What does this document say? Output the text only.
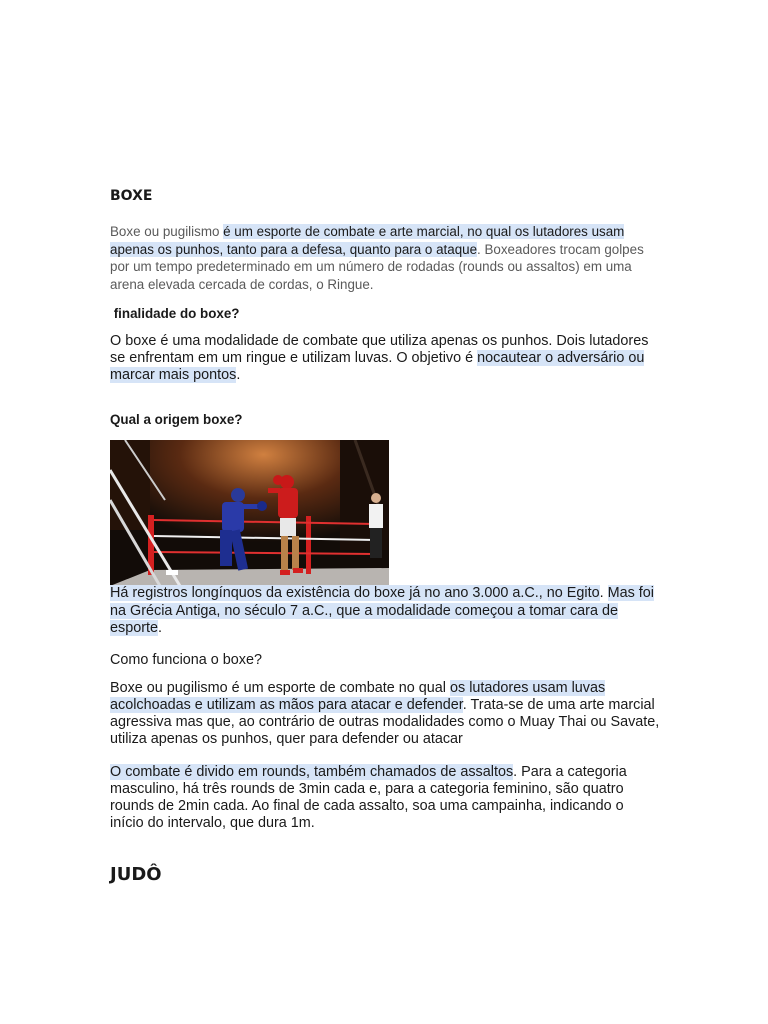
BOXE

Boxe ou pugilismo é um esporte de combate e arte marcial, no qual os lutadores usam apenas os punhos, tanto para a defesa, quanto para o ataque. Boxeadores trocam golpes por um tempo predeterminado em um número de rodadas (rounds ou assaltos) em uma arena elevada cercada de cordas, o Ringue.

finalidade do boxe?

O boxe é uma modalidade de combate que utiliza apenas os punhos. Dois lutadores se enfrentam em um ringue e utilizam luvas. O objetivo é nocautear o adversário ou marcar mais pontos.

Qual a origem boxe?

Há registros longínquos da existência do boxe já no ano 3.000 a.C., no Egito. Mas foi na Grécia Antiga, no século 7 a.C., que a modalidade começou a tomar cara de esporte.

Como funciona o boxe?

Boxe ou pugilismo é um esporte de combate no qual os lutadores usam luvas acolchoadas e utilizam as mãos para atacar e defender. Trata-se de uma arte marcial agressiva mas que, ao contrário de outras modalidades como o Muay Thai ou Savate, utiliza apenas os punhos, quer para defender ou atacar

O combate é divido em rounds, também chamados de assaltos. Para a categoria masculino, há três rounds de 3min cada e, para a categoria feminino, são quatro rounds de 2min cada. Ao final de cada assalto, soa uma campainha, indicando o início do intervalo, que dura 1m.

JUDÔ
